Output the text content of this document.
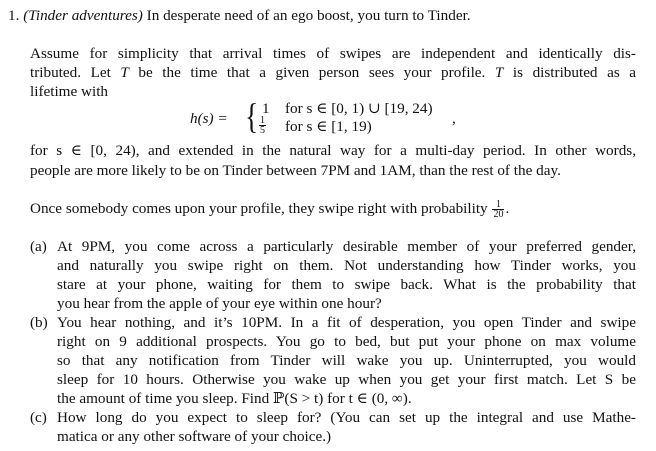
1. (Tinder adventures) In desperate need of an ego boost, you turn to Tinder.
Assume for simplicity that arrival times of swipes are independent and identically dis-
tributed. Let T be the time that a given person sees your profile. T is distributed as a
lifetime with
h(s) = { 1 for s ∈ [0, 1) ∪ [19, 24)
$\frac{1}{5}$ for s ∈ [1, 19)	,
for s ∈ [0, 24), and extended in the natural way for a multi-day period. In other words,
people are more likely to be on Tinder between 7PM and 1AM, than the rest of the day.
Once somebody comes upon your profile, they swipe right with probability $\frac{1}{20}$ .
(a) At 9PM, you come across a particularly desirable member of your preferred gender,
and naturally you swipe right on them. Not understanding how Tinder works, you
stare at your phone, waiting for them to swipe back. What is the probability that
you hear from the apple of your eye within one hour?
(b) You hear nothing, and it’s 10PM. In a fit of desperation, you open Tinder and swipe
right on 9 additional prospects. You go to bed, but put your phone on max volume
so that any notification from Tinder will wake you up. Uninterrupted, you would
sleep for 10 hours. Otherwise you wake up when you get your first match. Let S be
the amount of time you sleep. Find ℙ(S > t) for t ∈ (0, ∞).
(c) How long do you expect to sleep for? (You can set up the integral and use Mathe-
matica or any other software of your choice.)
